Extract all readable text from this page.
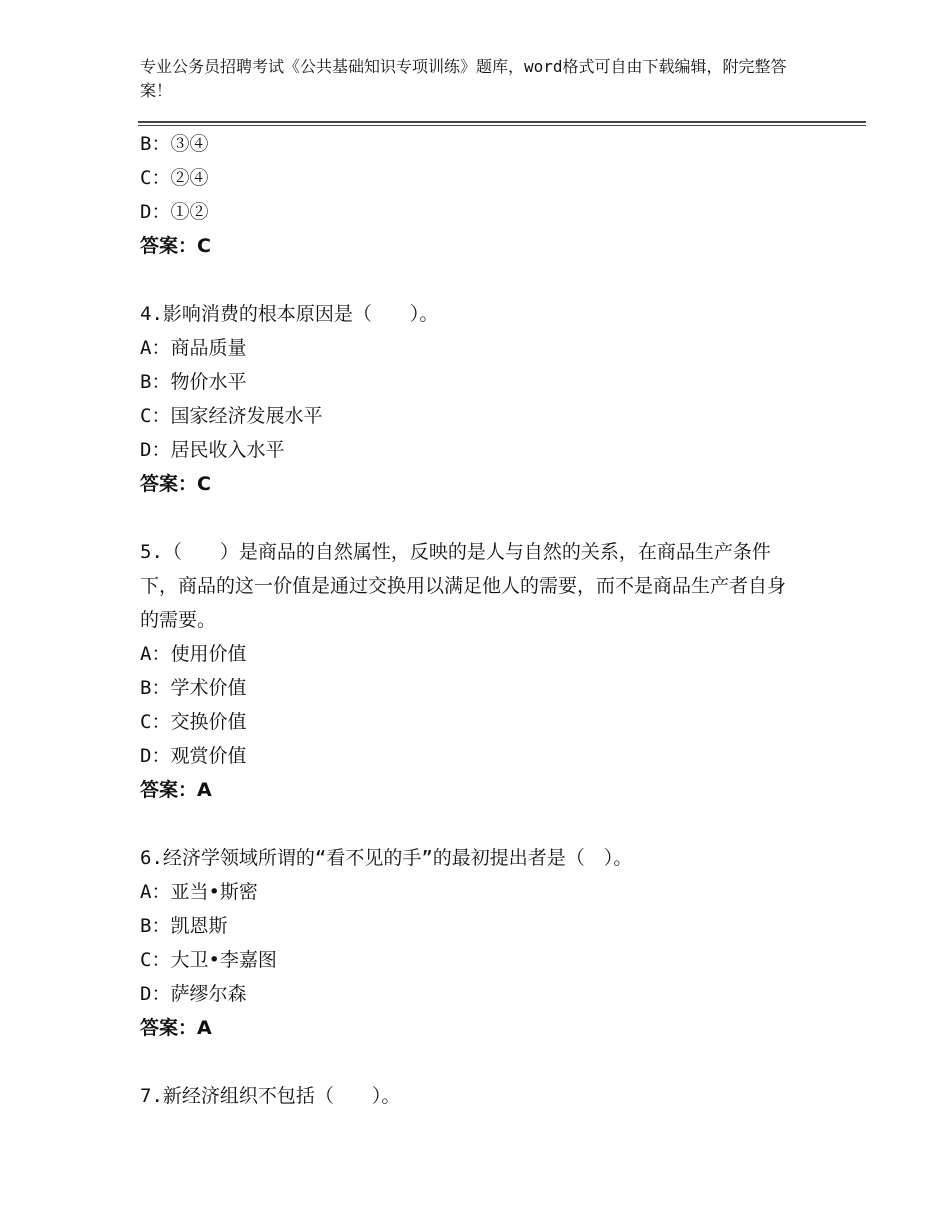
专业公务员招聘考试《公共基础知识专项训练》题库，word格式可自由下载编辑，附完整答案！
B：③④
C：②④
D：①②
答案：C
4.影响消费的根本原因是（　　）。
A：商品质量
B：物价水平
C：国家经济发展水平
D：居民收入水平
答案：C
5.（　　）是商品的自然属性，反映的是人与自然的关系，在商品生产条件下，商品的这一价值是通过交换用以满足他人的需要，而不是商品生产者自身的需要。
A：使用价值
B：学术价值
C：交换价值
D：观赏价值
答案：A
6.经济学领域所谓的“看不见的手”的最初提出者是（　）。
A：亚当•斯密
B：凯恩斯
C：大卫•李嘉图
D：萨缪尔森
答案：A
7.新经济组织不包括（　　）。
